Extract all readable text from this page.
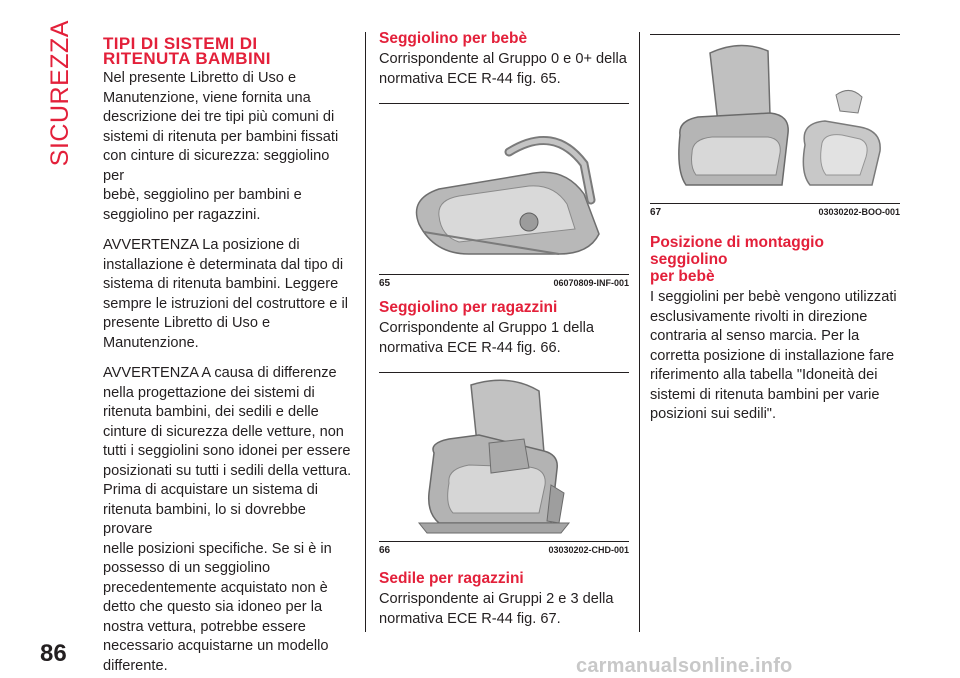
SICUREZZA
86	carmanualsonline.info
TIPI DI SISTEMI DI
RITENUTA BAMBINI

Nel presente Libretto di Uso e
Manutenzione, viene fornita una
descrizione dei tre tipi più comuni di
sistemi di ritenuta per bambini fissati
con cinture di sicurezza: seggiolino per
bebè, seggiolino per bambini e
seggiolino per ragazzini.

AVVERTENZA La posizione di
installazione è determinata dal tipo di
sistema di ritenuta bambini. Leggere
sempre le istruzioni del costruttore e il
presente Libretto di Uso e
Manutenzione.

AVVERTENZA A causa di differenze
nella progettazione dei sistemi di
ritenuta bambini, dei sedili e delle
cinture di sicurezza delle vetture, non
tutti i seggiolini sono idonei per essere
posizionati su tutti i sedili della vettura.
Prima di acquistare un sistema di
ritenuta bambini, lo si dovrebbe provare
nelle posizioni specifiche. Se si è in
possesso di un seggiolino
precedentemente acquistato non è
detto che questo sia idoneo per la
nostra vettura, potrebbe essere
necessario acquistarne un modello
differente.

Seggiolino per bebè

Corrispondente al Gruppo 0 e 0+ della
normativa ECE R-44 fig. 65.

65	06070809-INF-001
Seggiolino per ragazzini

Corrispondente al Gruppo 1 della
normativa ECE R-44 fig. 66.

66	03030202-CHD-001
Sedile per ragazzini

Corrispondente ai Gruppi 2 e 3 della
normativa ECE R-44 fig. 67.

67	03030202-BOO-001
Posizione di montaggio seggiolino
per bebè

I seggiolini per bebè vengono utilizzati
esclusivamente rivolti in direzione
contraria al senso marcia. Per la
corretta posizione di installazione fare
riferimento alla tabella "Idoneità dei
sistemi di ritenuta bambini per varie
posizioni sui sedili".
